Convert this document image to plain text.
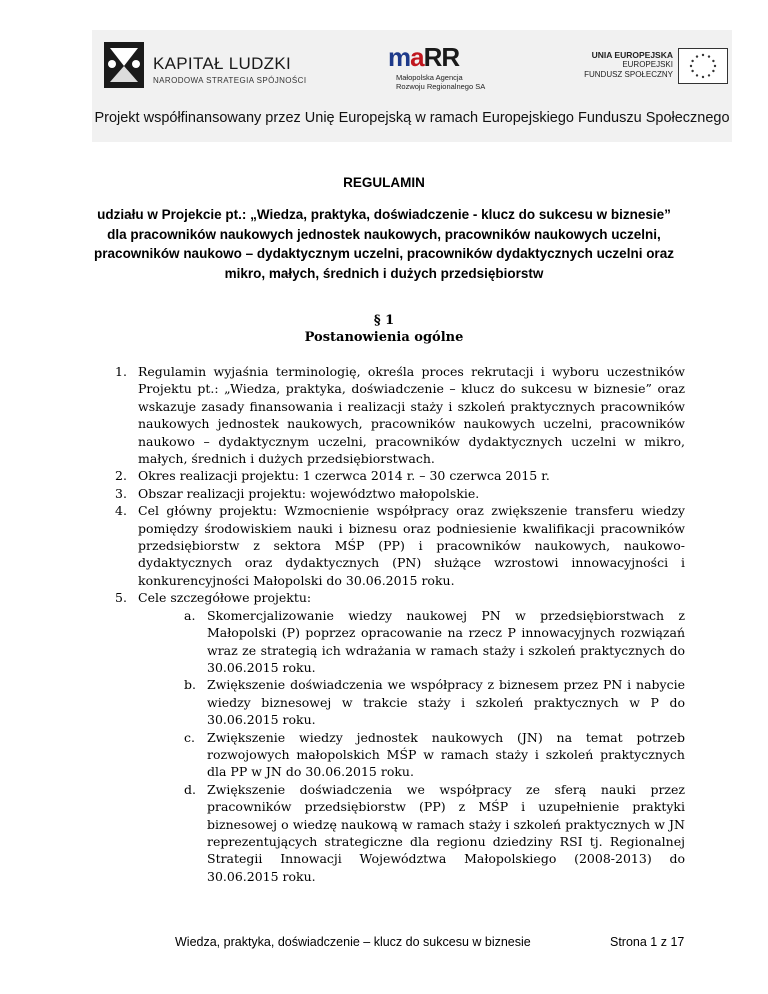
KAPITAŁ LUDZKI
NARODOWA STRATEGIA SPÓJNOŚCI
maRR
Małopolska Agencja
Rozwoju Regionalnego SA
UNIA EUROPEJSKA
EUROPEJSKI
FUNDUSZ SPOŁECZNY
Projekt współfinansowany przez Unię Europejską w ramach Europejskiego Funduszu Społecznego
REGULAMIN
udziału w Projekcie pt.: „Wiedza, praktyka, doświadczenie - klucz do sukcesu w biznesie” dla pracowników naukowych jednostek naukowych, pracowników naukowych uczelni, pracowników naukowo – dydaktycznym uczelni, pracowników dydaktycznych uczelni oraz mikro, małych, średnich i dużych przedsiębiorstw
§ 1
Postanowienia ogólne
1. Regulamin wyjaśnia terminologię, określa proces rekrutacji i wyboru uczestników Projektu pt.: „Wiedza, praktyka, doświadczenie – klucz do sukcesu w biznesie” oraz wskazuje zasady finansowania i realizacji staży i szkoleń praktycznych pracowników naukowych jednostek naukowych, pracowników naukowych uczelni, pracowników naukowo – dydaktycznym uczelni, pracowników dydaktycznych uczelni w mikro, małych, średnich i dużych przedsiębiorstwach.
2. Okres realizacji projektu: 1 czerwca 2014 r. – 30 czerwca 2015 r.
3. Obszar realizacji projektu: województwo małopolskie.
4. Cel główny projektu: Wzmocnienie współpracy oraz zwiększenie transferu wiedzy pomiędzy środowiskiem nauki i biznesu oraz podniesienie kwalifikacji pracowników przedsiębiorstw z sektora MŚP (PP) i pracowników naukowych, naukowo-dydaktycznych oraz dydaktycznych (PN) służące wzrostowi innowacyjności i konkurencyjności Małopolski do 30.06.2015 roku.
5. Cele szczegółowe projektu:
a. Skomercjalizowanie wiedzy naukowej PN w przedsiębiorstwach z Małopolski (P) poprzez opracowanie na rzecz P innowacyjnych rozwiązań wraz ze strategią ich wdrażania w ramach staży i szkoleń praktycznych do 30.06.2015 roku.
b. Zwiększenie doświadczenia we współpracy z biznesem przez PN i nabycie wiedzy biznesowej w trakcie staży i szkoleń praktycznych w P do 30.06.2015 roku.
c. Zwiększenie wiedzy jednostek naukowych (JN) na temat potrzeb rozwojowych małopolskich MŚP w ramach staży i szkoleń praktycznych dla PP w JN do 30.06.2015 roku.
d. Zwiększenie doświadczenia we współpracy ze sferą nauki przez pracowników przedsiębiorstw (PP) z MŚP i uzupełnienie praktyki biznesowej o wiedzę naukową w ramach staży i szkoleń praktycznych w JN reprezentujących strategiczne dla regionu dziedziny RSI tj. Regionalnej Strategii Innowacji Województwa Małopolskiego (2008-2013) do 30.06.2015 roku.
Wiedza, praktyka, doświadczenie – klucz do sukcesu w biznesie	Strona 1 z 17
